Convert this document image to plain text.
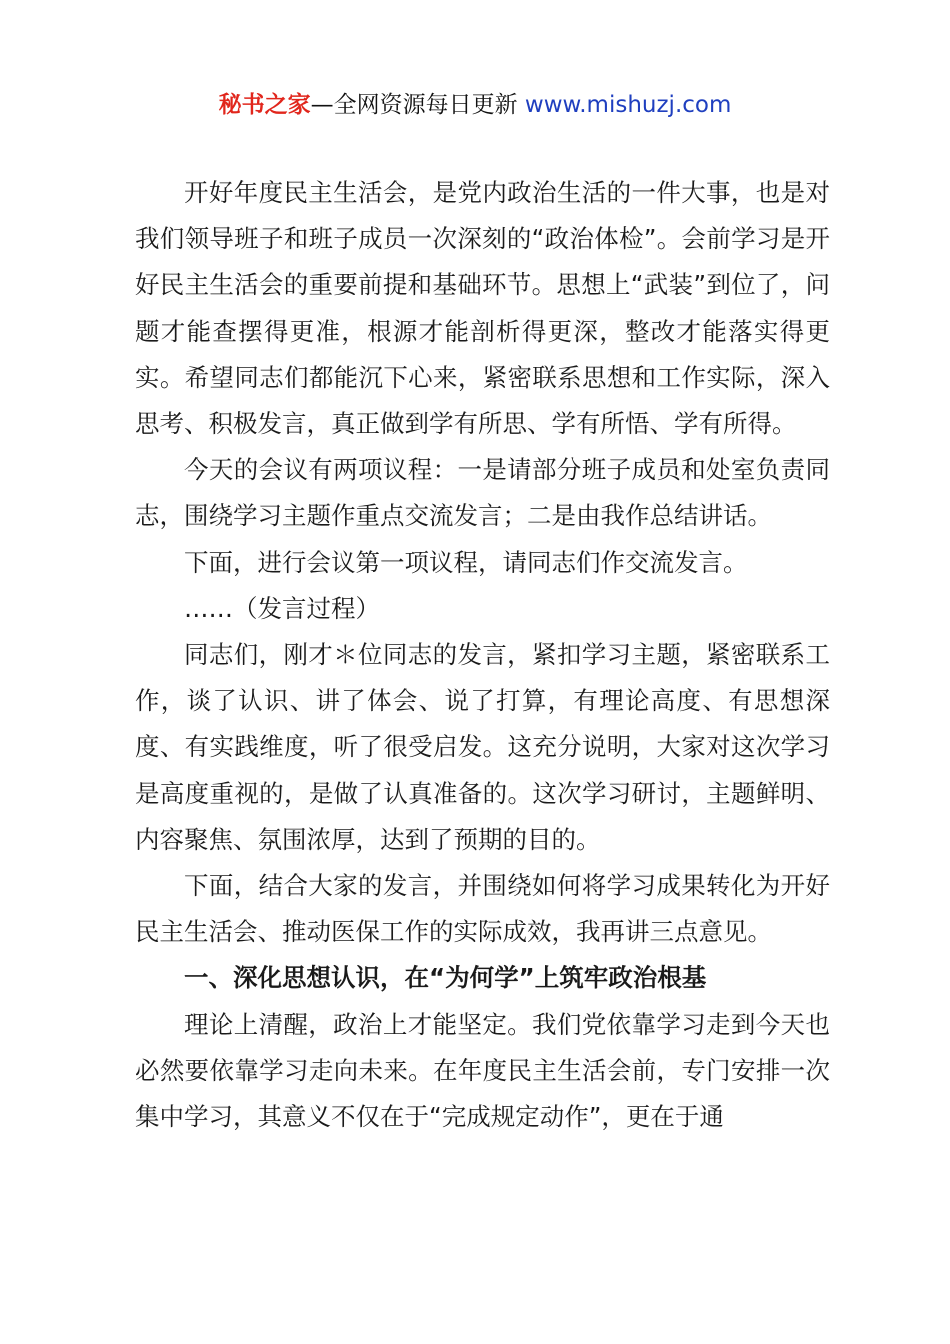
秘书之家—全网资源每日更新 www.mishuzj.com

开好年度民主生活会，是党内政治生活的一件大事，也是对我们领导班子和班子成员一次深刻的“政治体检”。会前学习是开好民主生活会的重要前提和基础环节。思想上“武装”到位了，问题才能查摆得更准，根源才能剖析得更深，整改才能落实得更实。希望同志们都能沉下心来，紧密联系思想和工作实际，深入思考、积极发言，真正做到学有所思、学有所悟、学有所得。

今天的会议有两项议程：一是请部分班子成员和处室负责同志，围绕学习主题作重点交流发言；二是由我作总结讲话。

下面，进行会议第一项议程，请同志们作交流发言。

……（发言过程）

同志们，刚才＊位同志的发言，紧扣学习主题，紧密联系工作，谈了认识、讲了体会、说了打算，有理论高度、有思想深度、有实践维度，听了很受启发。这充分说明，大家对这次学习是高度重视的，是做了认真准备的。这次学习研讨，主题鲜明、内容聚焦、氛围浓厚，达到了预期的目的。

下面，结合大家的发言，并围绕如何将学习成果转化为开好民主生活会、推动医保工作的实际成效，我再讲三点意见。

一、深化思想认识，在“为何学”上筑牢政治根基

理论上清醒，政治上才能坚定。我们党依靠学习走到今天也必然要依靠学习走向未来。在年度民主生活会前，专门安排一次集中学习，其意义不仅在于“完成规定动作”，更在于通
